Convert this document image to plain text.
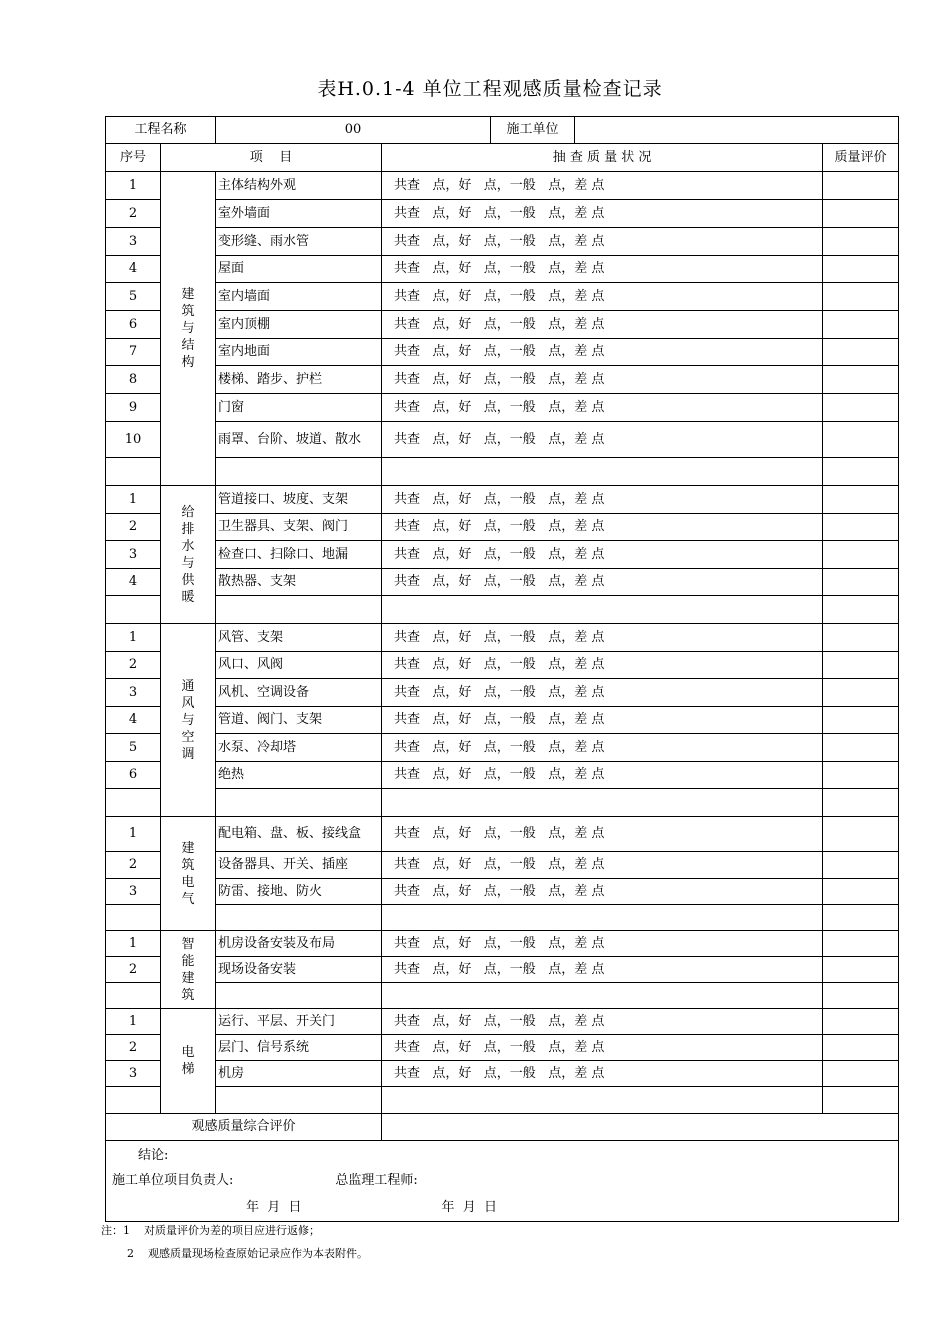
表H.0.1-4 单位工程观感质量检查记录
工程名称		00		施工单位		
序号	项    目		抽 查 质 量 状 况			质量评价
1	建筑与结构	主体结构外观	共查   点，好   点，一般   点，差 点			
2		室外墙面	共查   点，好   点，一般   点，差 点			
3		变形缝、雨水管	共查   点，好   点，一般   点，差 点			
4		屋面	共查   点，好   点，一般   点，差 点			
5		室内墙面	共查   点，好   点，一般   点，差 点			
6		室内顶棚	共查   点，好   点，一般   点，差 点			
7		室内地面	共查   点，好   点，一般   点，差 点			
8		楼梯、踏步、护栏	共查   点，好   点，一般   点，差 点			
9		门窗	共查   点，好   点，一般   点，差 点			
10		雨罩、台阶、坡道、散水	共查   点，好   点，一般   点，差 点			

1	给排水与供暖	管道接口、坡度、支架	共查   点，好   点，一般   点，差 点			
2		卫生器具、支架、阀门	共查   点，好   点，一般   点，差 点			
3		检查口、扫除口、地漏	共查   点，好   点，一般   点，差 点			
4		散热器、支架	共查   点，好   点，一般   点，差 点			

1	通风与空调	风管、支架	共查   点，好   点，一般   点，差 点			
2		风口、风阀	共查   点，好   点，一般   点，差 点			
3		风机、空调设备	共查   点，好   点，一般   点，差 点			
4		管道、阀门、支架	共查   点，好   点，一般   点，差 点			
5		水泵、冷却塔	共查   点，好   点，一般   点，差 点			
6		绝热	共查   点，好   点，一般   点，差 点			

1	建筑电气	配电箱、盘、板、接线盒	共查   点，好   点，一般   点，差 点			
2		设备器具、开关、插座	共查   点，好   点，一般   点，差 点			
3		防雷、接地、防火	共查   点，好   点，一般   点，差 点			

1	智能建筑	机房设备安装及布局	共查   点，好   点，一般   点，差 点			
2		现场设备安装	共查   点，好   点，一般   点，差 点			

1	电梯	运行、平层、开关门	共查   点，好   点，一般   点，差 点			
2		层门、信号系统	共查   点，好   点，一般   点，差 点			
3		机房	共查   点，好   点，一般   点，差 点			

观感质量综合评价						

结论:
施工单位项目负责人: 总监理工程师:
年  月  日 年  月  日						
注：1    对质量评价为差的项目应进行返修；
2    观感质量现场检查原始记录应作为本表附件。
